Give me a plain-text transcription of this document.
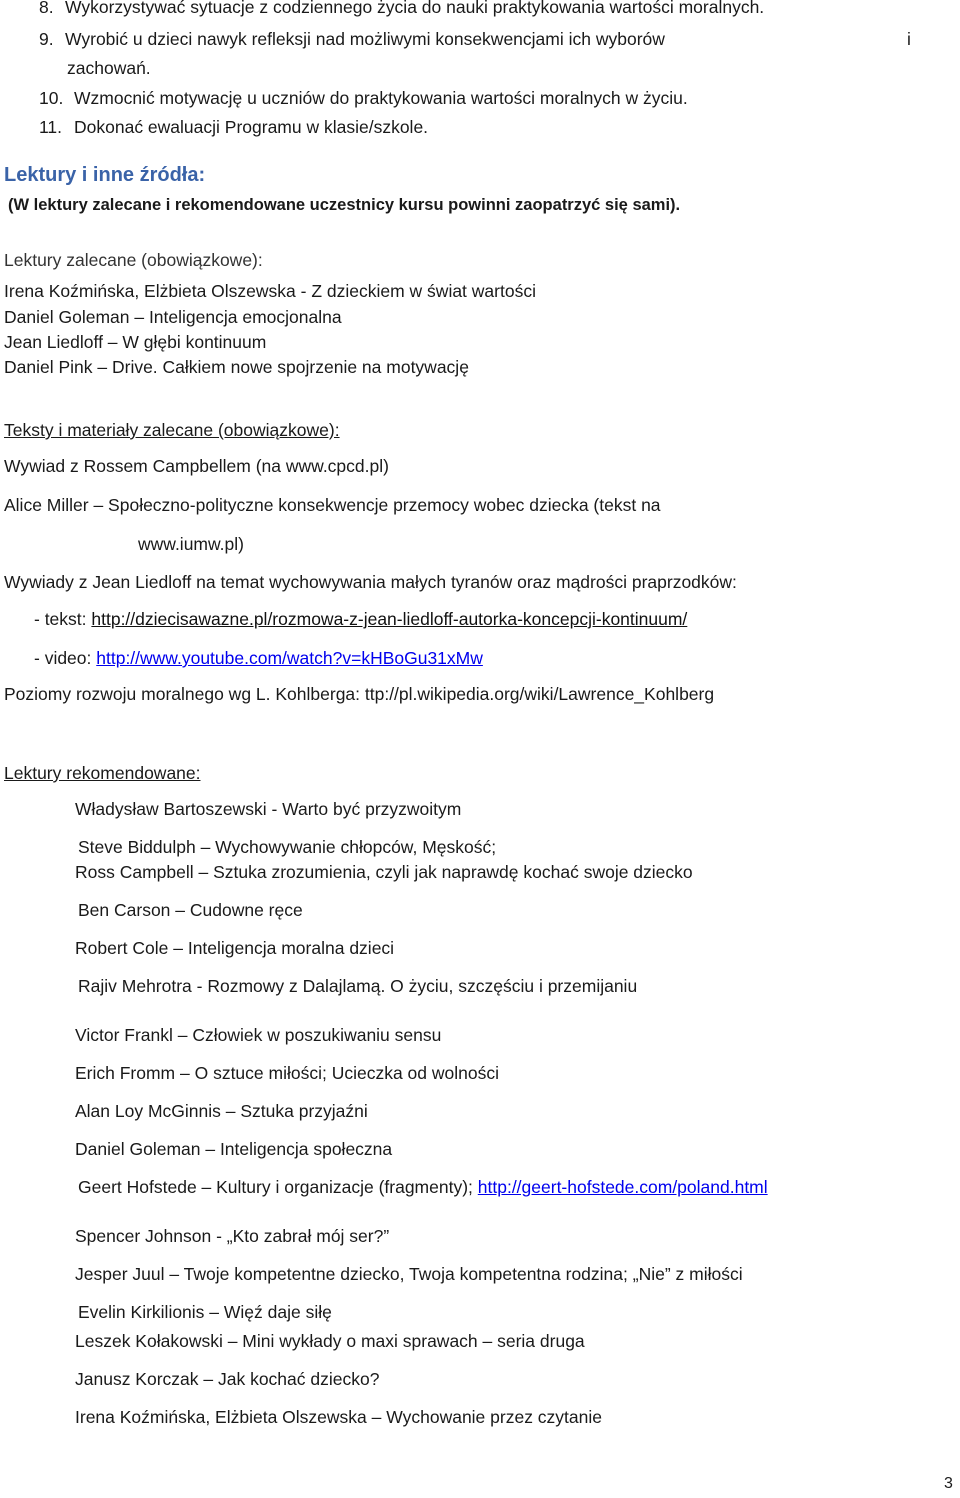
8. Wykorzystywać sytuacje z codziennego życia do nauki praktykowania wartości moralnych.
9. Wyrobić u dzieci nawyk refleksji nad możliwymi konsekwencjami ich wyborów	i
zachowań.
10. Wzmocnić motywację u uczniów do praktykowania wartości moralnych w życiu.
11. Dokonać ewaluacji Programu w klasie/szkole.
Lektury i inne źródła:
(W lektury zalecane i rekomendowane uczestnicy kursu powinni zaopatrzyć się sami).
Lektury zalecane (obowiązkowe):
Irena Koźmińska, Elżbieta Olszewska - Z dzieckiem w świat wartości
Daniel Goleman – Inteligencja emocjonalna
Jean Liedloff – W głębi kontinuum
Daniel Pink – Drive. Całkiem nowe spojrzenie na motywację
Teksty i materiały zalecane (obowiązkowe):
Wywiad z Rossem Campbellem (na www.cpcd.pl)
Alice Miller – Społeczno-polityczne konsekwencje przemocy wobec dziecka (tekst na
www.iumw.pl)
Wywiady z Jean Liedloff na temat wychowywania małych tyranów oraz mądrości praprzodków:
- tekst: http://dziecisawazne.pl/rozmowa-z-jean-liedloff-autorka-koncepcji-kontinuum/
- video: http://www.youtube.com/watch?v=kHBoGu31xMw
Poziomy rozwoju moralnego wg L. Kohlberga: ttp://pl.wikipedia.org/wiki/Lawrence_Kohlberg
Lektury rekomendowane:
Władysław Bartoszewski - Warto być przyzwoitym
Steve Biddulph – Wychowywanie chłopców, Męskość;
Ross Campbell – Sztuka zrozumienia, czyli jak naprawdę kochać swoje dziecko
Ben Carson – Cudowne ręce
Robert Cole – Inteligencja moralna dzieci
Rajiv Mehrotra - Rozmowy z Dalajlamą. O życiu, szczęściu i przemijaniu
Victor Frankl – Człowiek w poszukiwaniu sensu
Erich Fromm – O sztuce miłości; Ucieczka od wolności
Alan Loy McGinnis – Sztuka przyjaźni
Daniel Goleman – Inteligencja społeczna
Geert Hofstede – Kultury i organizacje (fragmenty); http://geert-hofstede.com/poland.html
Spencer Johnson - „Kto zabrał mój ser?”
Jesper Juul – Twoje kompetentne dziecko, Twoja kompetentna rodzina; „Nie” z miłości
Evelin Kirkilionis – Więź daje siłę
Leszek Kołakowski – Mini wykłady o maxi sprawach – seria druga
Janusz Korczak – Jak kochać dziecko?
Irena Koźmińska, Elżbieta Olszewska – Wychowanie przez czytanie
3
